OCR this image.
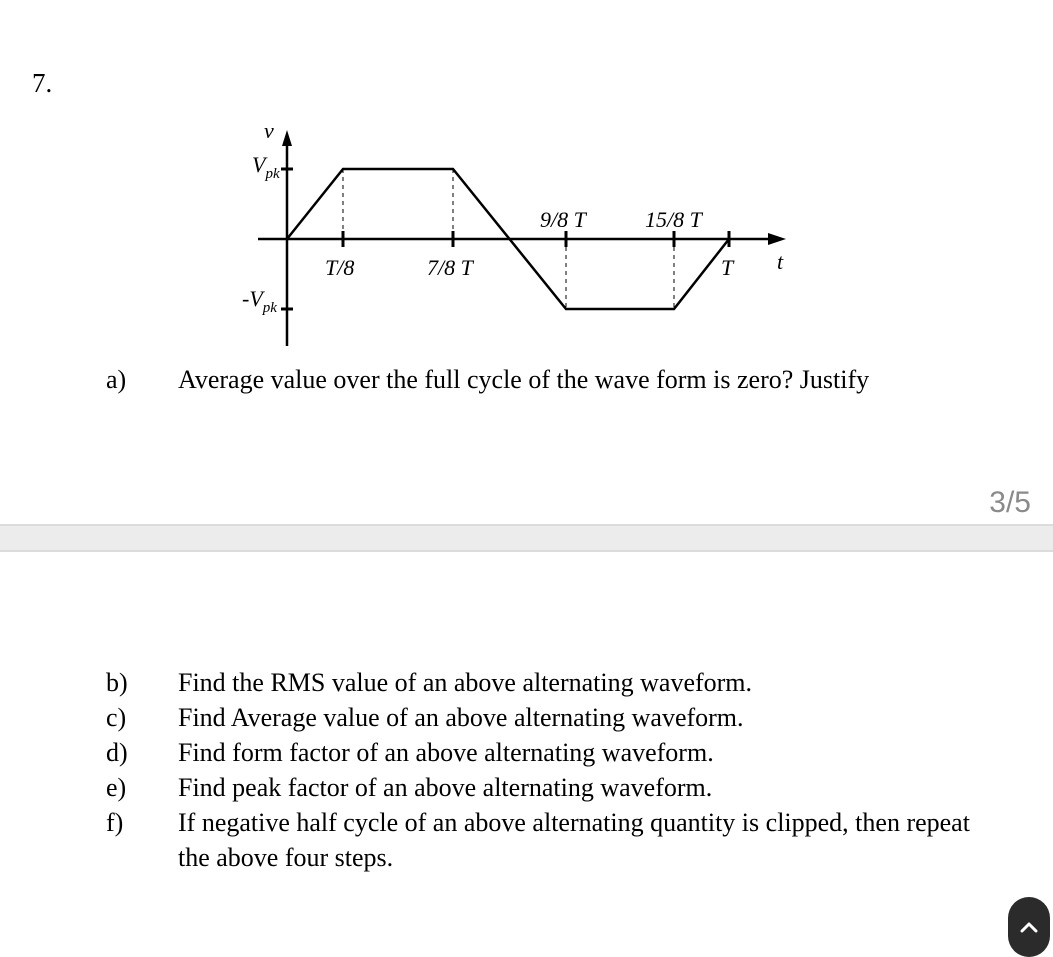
7.
v
$V_{pk}$
$-V_{pk}$
t
T/8	7/8 T
9/8 T	15/8 T
T
a) Average value over the full cycle of the wave form is zero? Justify
3/5
b) Find the RMS value of an above alternating waveform.
c) Find Average value of an above alternating waveform.
d) Find form factor of an above alternating waveform.
e) Find peak factor of an above alternating waveform.
f) If negative half cycle of an above alternating quantity is clipped, then repeat the above four steps.
